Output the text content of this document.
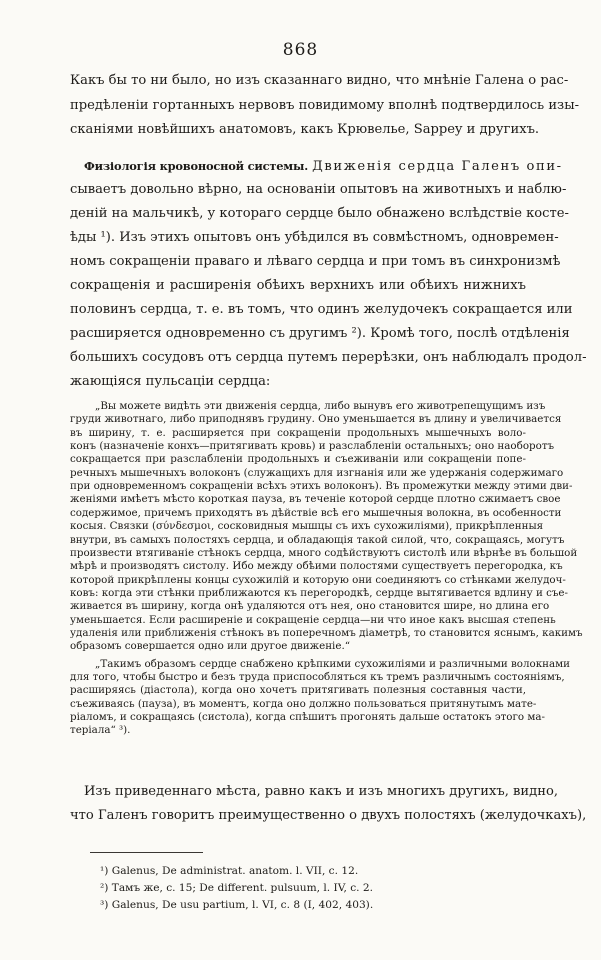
868
Какъ бы то ни было, но изъ сказаннаго видно, что мнѣніе Галена о рас-
предѣленіи гортанныхъ нервовъ повидимому вполнѣ подтвердилось изы-
сканіями новѣйшихъ анатомовъ, какъ Крювелье, Sappey и другихъ.
Физіологія кровоносной системы. Движенія сердца Галенъ опи-
сываетъ довольно вѣрно, на основаніи опытовъ на животныхъ и наблю-
деній на мальчикѣ, у котораго сердце было обнажено вслѣдствіе косте-
ѣды ¹). Изъ этихъ опытовъ онъ убѣдился въ совмѣстномъ, одновремен-
номъ сокращеніи праваго и лѣваго сердца и при томъ въ синхронизмѣ
сокращенія и расширенія обѣихъ верхнихъ или обѣихъ нижнихъ
половинъ сердца, т. е. въ томъ, что одинъ желудочекъ сокращается или
расширяется одновременно съ другимъ ²). Кромѣ того, послѣ отдѣленія
большихъ сосудовъ отъ сердца путемъ перерѣзки, онъ наблюдалъ продол-
жающіяся пульсаціи сердца:
„Вы можете видѣть эти движенія сердца, либо вынувъ его животрепещущимъ изъ
груди животнаго, либо приподнявъ грудину. Оно уменьшается въ длину и увеличивается
въ ширину, т. е. расширяется при сокращеніи продольныхъ мышечныхъ воло-
конъ (назначеніе конхъ—притягивать кровь) и разслабленіи остальныхъ; оно наоборотъ
сокращается при разслабленіи продольныхъ и съеживаніи или сокращеніи попе-
речныхъ мышечныхъ волоконъ (служащихъ для изгнанія или же удержанія содержимаго
при одновременномъ сокращеніи всѣхъ этихъ волоконъ). Въ промежутки между этими дви-
женіями имѣетъ мѣсто короткая пауза, въ теченіе которой сердце плотно сжимаетъ свое
содержимое, причемъ приходятъ въ дѣйствіе всѣ его мышечныя волокна, въ особенности
косыя. Связки (σύνδεσμοι, сосковидныя мышцы съ ихъ сухожиліями), прикрѣпленныя
внутри, въ самыхъ полостяхъ сердца, и обладающія такой силой, что, сокращаясь, могутъ
произвести втягиваніе стѣнокъ сердца, много содѣйствуютъ систолѣ или вѣрнѣе въ большой
мѣрѣ и производятъ систолу. Ибо между обѣими полостями существуетъ перегородка, къ
которой прикрѣплены концы сухожилій и которую они соединяютъ со стѣнками желудоч-
ковъ: когда эти стѣнки приближаются къ перегородкѣ, сердце вытягивается вдлину и съе-
живается въ ширину, когда онѣ удаляются отъ нея, оно становится шире, но длина его
уменьшается. Если расширеніе и сокращеніе сердца—ни что иное какъ высшая степень
удаленія или приближенія стѣнокъ въ поперечномъ діаметрѣ, то становится яснымъ, какимъ
образомъ совершается одно или другое движеніе.“
Изъ приведеннаго мѣста, равно какъ и изъ многихъ другихъ, видно,
что Галенъ говоритъ преимущественно о двухъ полостяхъ (желудочкахъ),
¹) Galenus, De administrat. anatom. l. VII, c. 12.
²) Тамъ же, c. 15; De different. pulsuum, l. IV, c. 2.
³) Galenus, De usu partium, l. VI, c. 8 (I, 402, 403).
„Такимъ образомъ сердце снабжено крѣпкими сухожиліями и различными волокнами
для того, чтобы быстро и безъ труда приспособляться къ тремъ различнымъ состояніямъ,
расширяясь (діастола), когда оно хочетъ притягивать полезныя составныя части,
съеживаясь (пауза), въ моментъ, когда оно должно пользоваться притянутымъ мате-
ріаломъ, и сокращаясь (систола), когда спѣшитъ прогонять дальше остатокъ этого ма-
теріала“ ³).
